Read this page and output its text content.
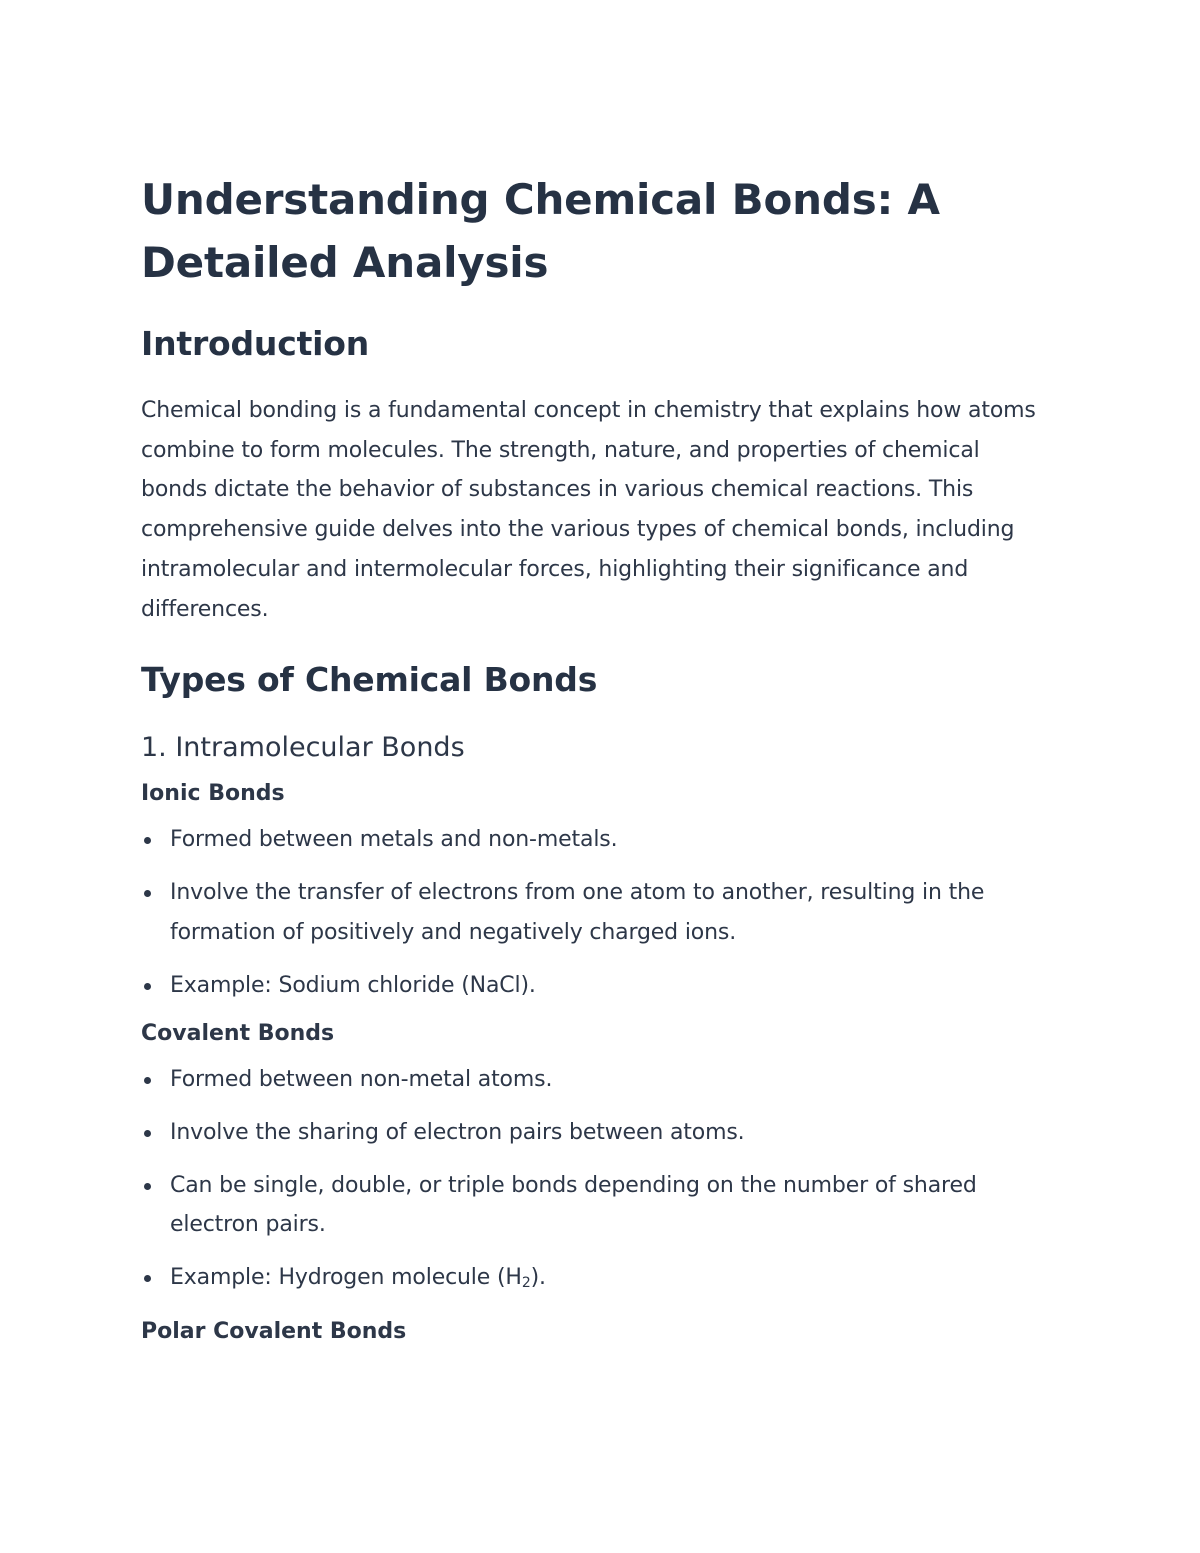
Understanding Chemical Bonds: A Detailed Analysis
Introduction

Chemical bonding is a fundamental concept in chemistry that explains how atoms combine to form molecules. The strength, nature, and properties of chemical bonds dictate the behavior of substances in various chemical reactions. This comprehensive guide delves into the various types of chemical bonds, including intramolecular and intermolecular forces, highlighting their significance and differences.

Types of Chemical Bonds
1. Intramolecular Bonds
Ionic Bonds
Formed between metals and non-metals.
Involve the transfer of electrons from one atom to another, resulting in the formation of positively and negatively charged ions.
Example: Sodium chloride (NaCl).
Covalent Bonds
Formed between non-metal atoms.
Involve the sharing of electron pairs between atoms.
Can be single, double, or triple bonds depending on the number of shared electron pairs.
Example: Hydrogen molecule $(H_2)$.
Polar Covalent Bonds
